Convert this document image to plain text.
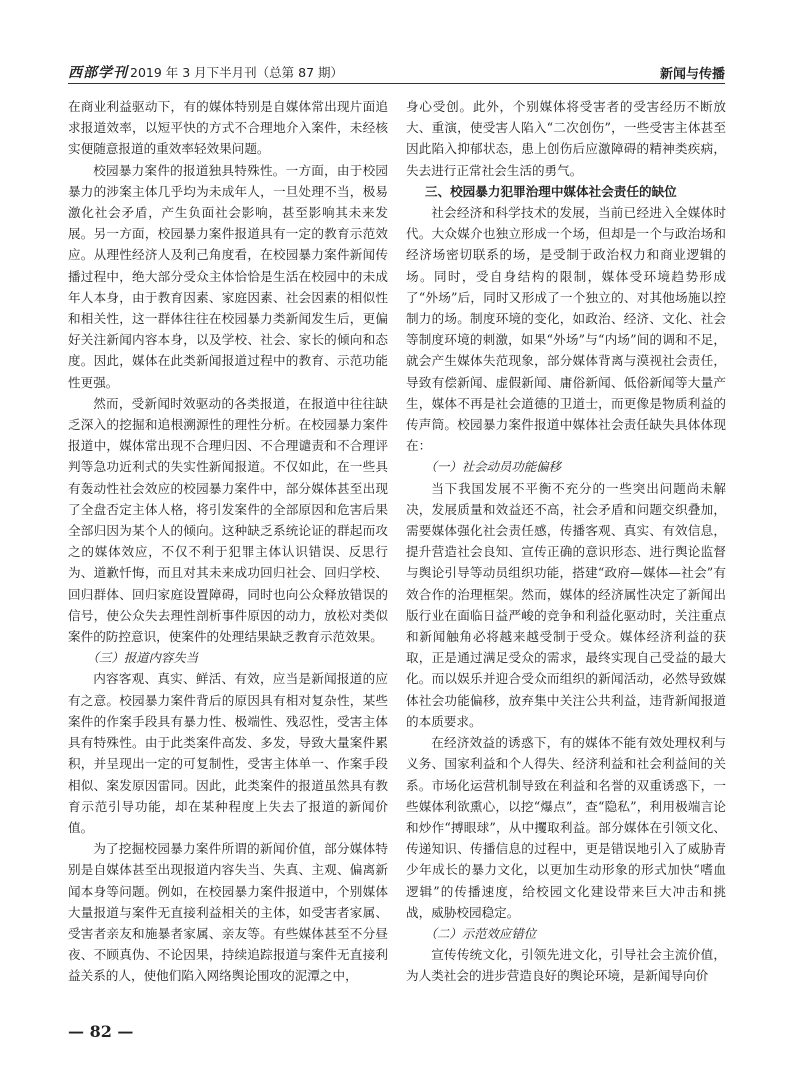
西部学刊 2019 年 3 月下半月刊（总第 87 期）	新闻与传播

在商业利益驱动下，有的媒体特别是自媒体常出现片面追求报道效率，以短平快的方式不合理地介入案件，未经核实便随意报道的重效率轻效果问题。

校园暴力案件的报道独具特殊性。一方面，由于校园暴力的涉案主体几乎均为未成年人，一旦处理不当，极易激化社会矛盾，产生负面社会影响，甚至影响其未来发展。另一方面，校园暴力案件报道具有一定的教育示范效应。从理性经济人及利己角度看，在校园暴力案件新闻传播过程中，绝大部分受众主体恰恰是生活在校园中的未成年人本身，由于教育因素、家庭因素、社会因素的相似性和相关性，这一群体往往在校园暴力类新闻发生后，更偏好关注新闻内容本身，以及学校、社会、家长的倾向和态度。因此，媒体在此类新闻报道过程中的教育、示范功能性更强。

然而，受新闻时效驱动的各类报道，在报道中往往缺乏深入的挖掘和追根溯源性的理性分析。在校园暴力案件报道中，媒体常出现不合理归因、不合理谴责和不合理评判等急功近利式的失实性新闻报道。不仅如此，在一些具有轰动性社会效应的校园暴力案件中，部分媒体甚至出现了全盘否定主体人格，将引发案件的全部原因和危害后果全部归因为某个人的倾向。这种缺乏系统论证的群起而攻之的媒体效应，不仅不利于犯罪主体认识错误、反思行为、道歉忏悔，而且对其未来成功回归社会、回归学校、回归群体、回归家庭设置障碍，同时也向公众释放错误的信号，使公众失去理性剖析事件原因的动力，放松对类似案件的防控意识，使案件的处理结果缺乏教育示范效果。

（三）报道内容失当

内容客观、真实、鲜活、有效，应当是新闻报道的应有之意。校园暴力案件背后的原因具有相对复杂性，某些案件的作案手段具有暴力性、极端性、残忍性，受害主体具有特殊性。由于此类案件高发、多发，导致大量案件累积，并呈现出一定的可复制性，受害主体单一、作案手段相似、案发原因雷同。因此，此类案件的报道虽然具有教育示范引导功能，却在某种程度上失去了报道的新闻价值。

为了挖掘校园暴力案件所谓的新闻价值，部分媒体特别是自媒体甚至出现报道内容失当、失真、主观、偏离新闻本身等问题。例如，在校园暴力案件报道中，个别媒体大量报道与案件无直接利益相关的主体，如受害者家属、受害者亲友和施暴者家属、亲友等。有些媒体甚至不分昼夜、不顾真伪、不论因果，持续追踪报道与案件无直接利益关系的人，使他们陷入网络舆论围攻的泥潭之中，

身心受创。此外，个别媒体将受害者的受害经历不断放大、重演，使受害人陷入“二次创伤”，一些受害主体甚至因此陷入抑郁状态，患上创伤后应激障碍的精神类疾病，失去进行正常社会生活的勇气。

三、校园暴力犯罪治理中媒体社会责任的缺位

社会经济和科学技术的发展，当前已经进入全媒体时代。大众媒介也独立形成一个场，但却是一个与政治场和经济场密切联系的场，是受制于政治权力和商业逻辑的场。同时，受自身结构的限制，媒体受环境趋势形成了“外场”后，同时又形成了一个独立的、对其他场施以控制力的场。制度环境的变化，如政治、经济、文化、社会等制度环境的刺激，如果“外场”与“内场”间的调和不足，就会产生媒体失范现象，部分媒体背离与漠视社会责任，导致有偿新闻、虚假新闻、庸俗新闻、低俗新闻等大量产生，媒体不再是社会道德的卫道士，而更像是物质利益的传声筒。校园暴力案件报道中媒体社会责任缺失具体体现在：

（一）社会动员功能偏移

当下我国发展不平衡不充分的一些突出问题尚未解决，发展质量和效益还不高，社会矛盾和问题交织叠加，需要媒体强化社会责任感，传播客观、真实、有效信息，提升营造社会良知、宣传正确的意识形态、进行舆论监督与舆论引导等动员组织功能，搭建“政府—媒体—社会”有效合作的治理框架。然而，媒体的经济属性决定了新闻出版行业在面临日益严峻的竞争和利益化驱动时，关注重点和新闻触角必将越来越受制于受众。媒体经济利益的获取，正是通过满足受众的需求，最终实现自己受益的最大化。而以娱乐并迎合受众而组织的新闻活动，必然导致媒体社会功能偏移，放弃集中关注公共利益，违背新闻报道的本质要求。

在经济效益的诱惑下，有的媒体不能有效处理权利与义务、国家利益和个人得失、经济利益和社会利益间的关系。市场化运营机制导致在利益和名誉的双重诱惑下，一些媒体利欲熏心，以挖“爆点”，查“隐私”，利用极端言论和炒作“搏眼球”，从中攫取利益。部分媒体在引领文化、传递知识、传播信息的过程中，更是错误地引入了威胁青少年成长的暴力文化，以更加生动形象的形式加快“嗜血逻辑”的传播速度，给校园文化建设带来巨大冲击和挑战，威胁校园稳定。

（二）示范效应错位

宣传传统文化，引领先进文化，引导社会主流价值，为人类社会的进步营造良好的舆论环境，是新闻导向价

— 82 —
